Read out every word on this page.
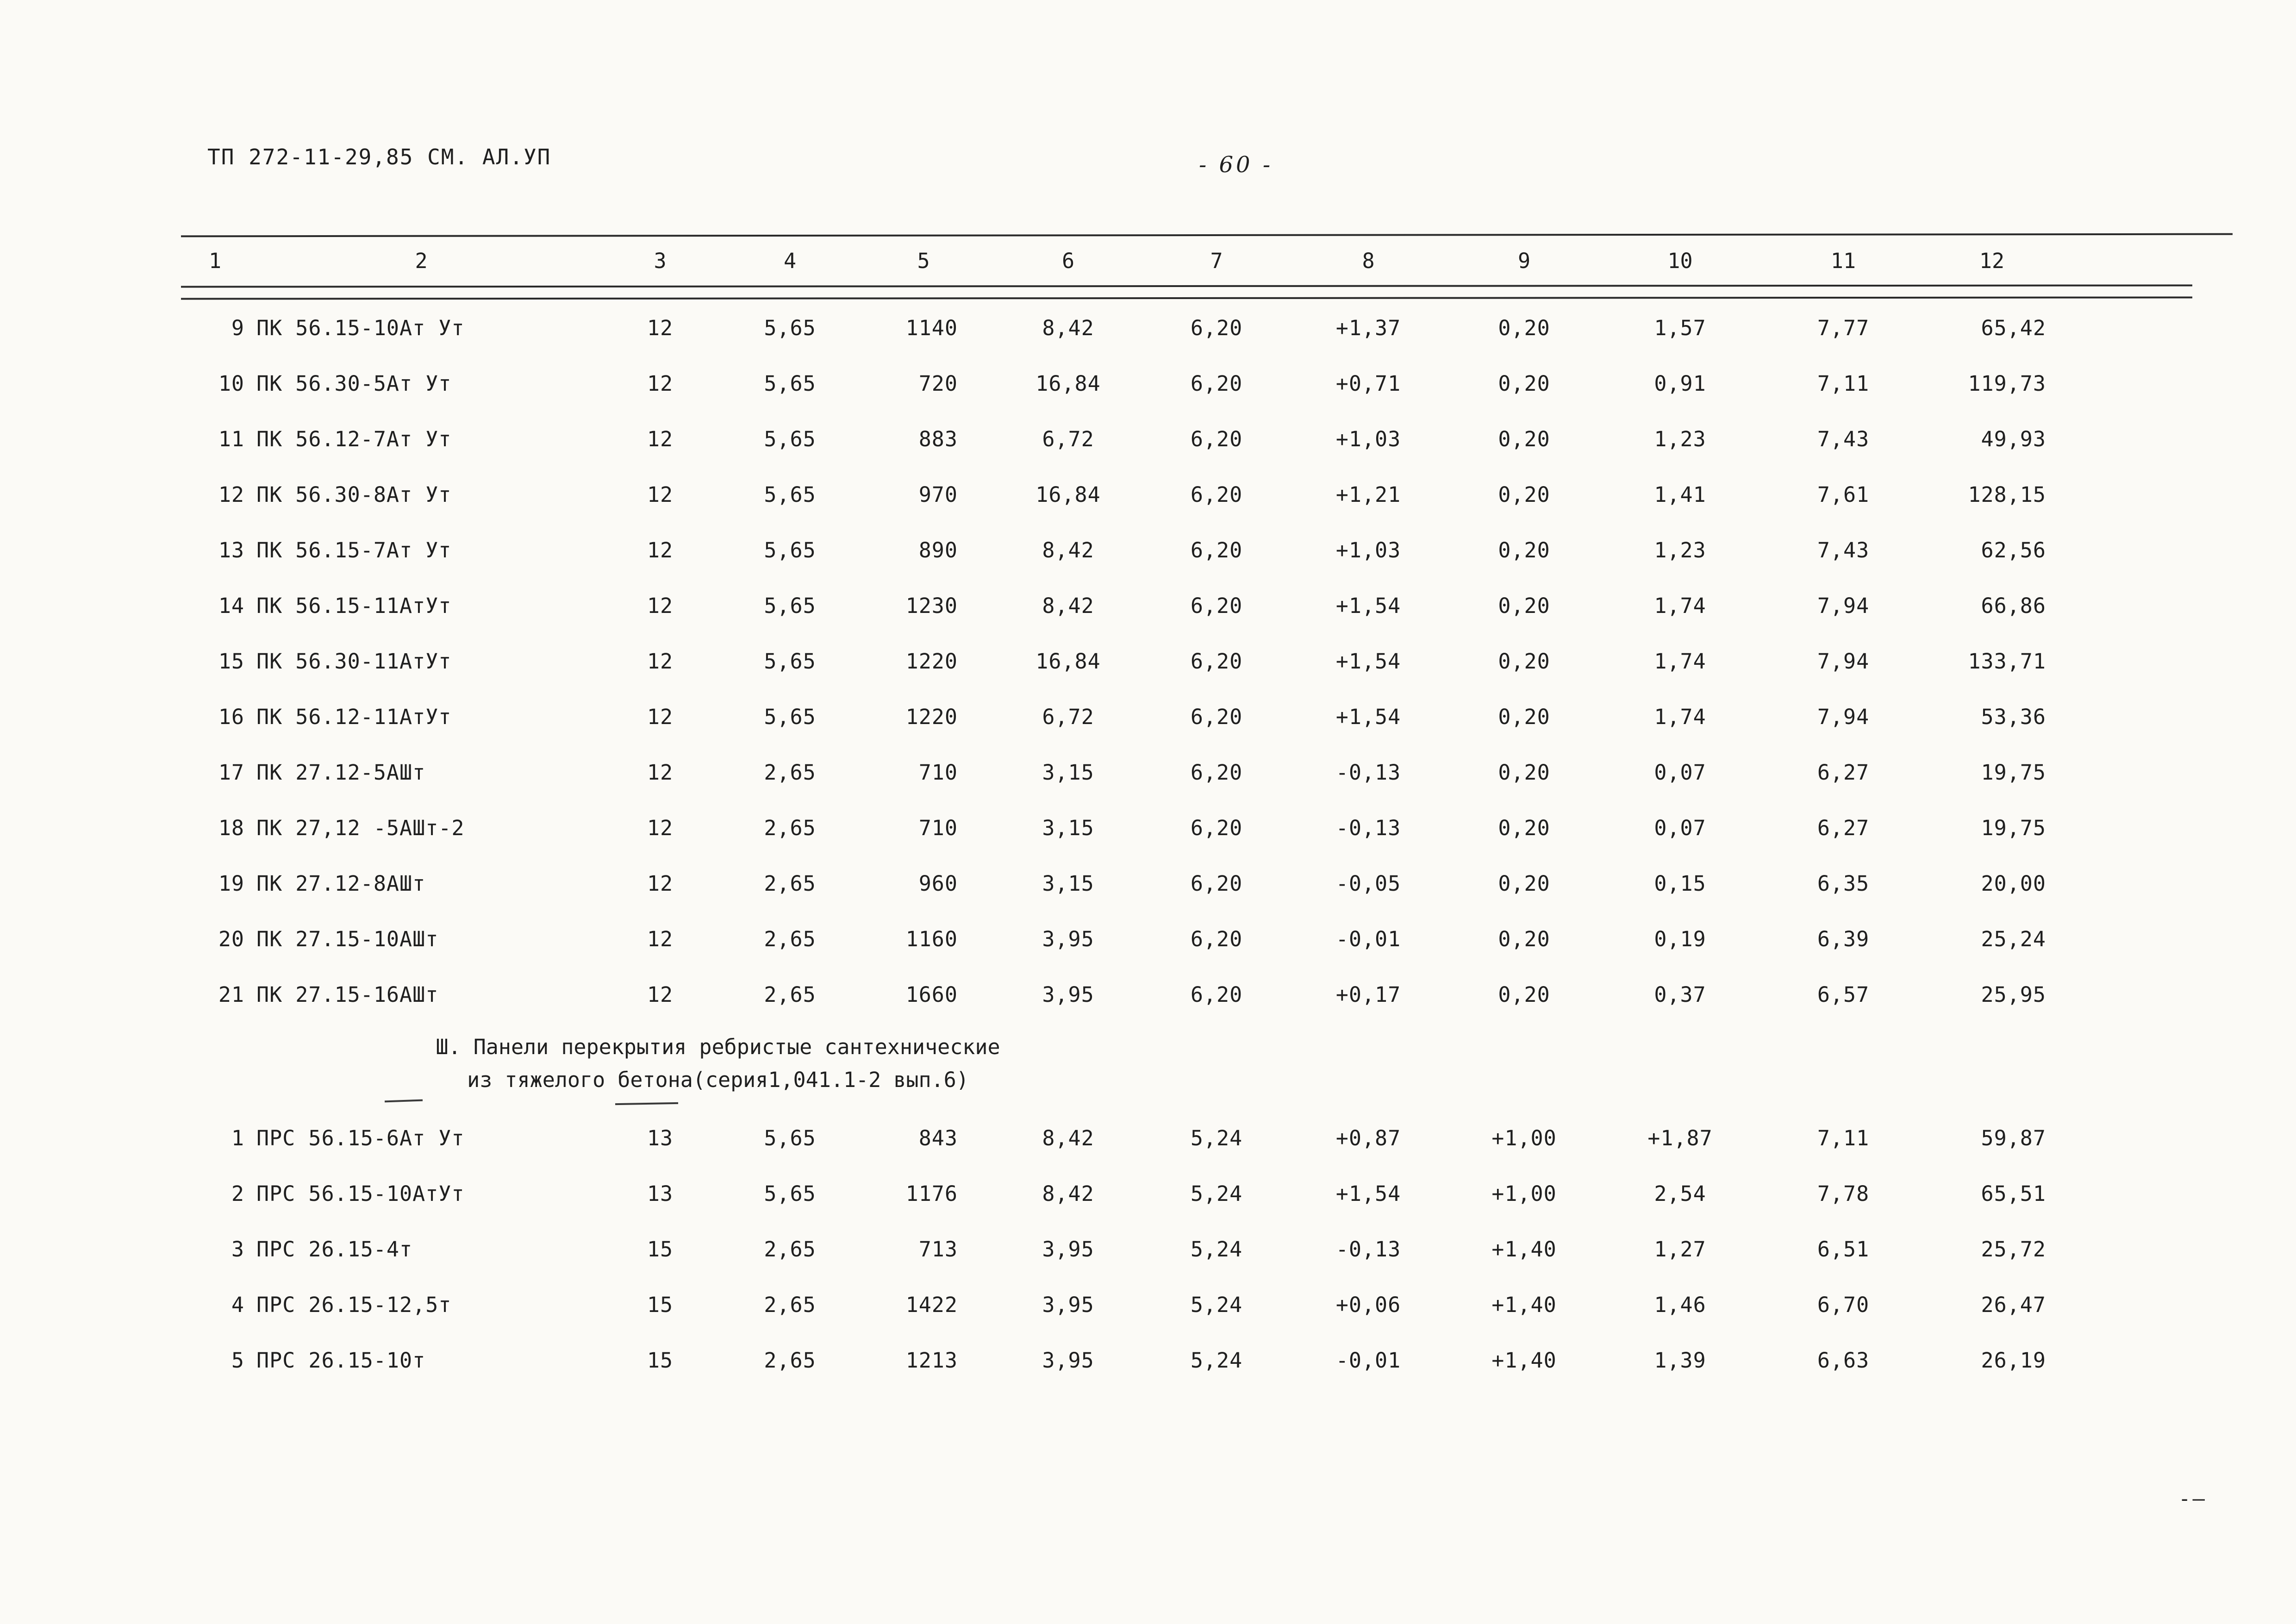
ТП 272-11-29,85 СМ. АЛ.УП	- 60 -
1	2	3	4	5	6	7	8	9	10	11	12
9 ПК 56.15-10Ат Ут	12	5,65	1140	8,42	6,20	+1,37	0,20	1,57	7,77	65,42
10 ПК 56.30-5Ат Ут	12	5,65	720	16,84	6,20	+0,71	0,20	0,91	7,11	119,73
11 ПК 56.12-7Ат Ут	12	5,65	883	6,72	6,20	+1,03	0,20	1,23	7,43	49,93
12 ПК 56.30-8Ат Ут	12	5,65	970	16,84	6,20	+1,21	0,20	1,41	7,61	128,15
13 ПК 56.15-7Ат Ут	12	5,65	890	8,42	6,20	+1,03	0,20	1,23	7,43	62,56
14 ПК 56.15-11АтУт	12	5,65	1230	8,42	6,20	+1,54	0,20	1,74	7,94	66,86
15 ПК 56.30-11АтУт	12	5,65	1220	16,84	6,20	+1,54	0,20	1,74	7,94	133,71
16 ПК 56.12-11АтУт	12	5,65	1220	6,72	6,20	+1,54	0,20	1,74	7,94	53,36
17 ПК 27.12-5АШт	12	2,65	710	3,15	6,20	-0,13	0,20	0,07	6,27	19,75
18 ПК 27,12 -5АШт-2	12	2,65	710	3,15	6,20	-0,13	0,20	0,07	6,27	19,75
19 ПК 27.12-8АШт	12	2,65	960	3,15	6,20	-0,05	0,20	0,15	6,35	20,00
20 ПК 27.15-10АШт	12	2,65	1160	3,95	6,20	-0,01	0,20	0,19	6,39	25,24
21 ПК 27.15-16АШт	12	2,65	1660	3,95	6,20	+0,17	0,20	0,37	6,57	25,95
Ш. Панели перекрытия ребристые сантехнические
из тяжелого бетона(серия1,041.1-2 вып.6)
1 ПРС 56.15-6Ат Ут	13	5,65	843	8,42	5,24	+0,87	+1,00	+1,87	7,11	59,87
2 ПРС 56.15-10АтУт	13	5,65	1176	8,42	5,24	+1,54	+1,00	2,54	7,78	65,51
3 ПРС 26.15-4т	15	2,65	713	3,95	5,24	-0,13	+1,40	1,27	6,51	25,72
4 ПРС 26.15-12,5т	15	2,65	1422	3,95	5,24	+0,06	+1,40	1,46	6,70	26,47
5 ПРС 26.15-10т	15	2,65	1213	3,95	5,24	-0,01	+1,40	1,39	6,63	26,19
-—
